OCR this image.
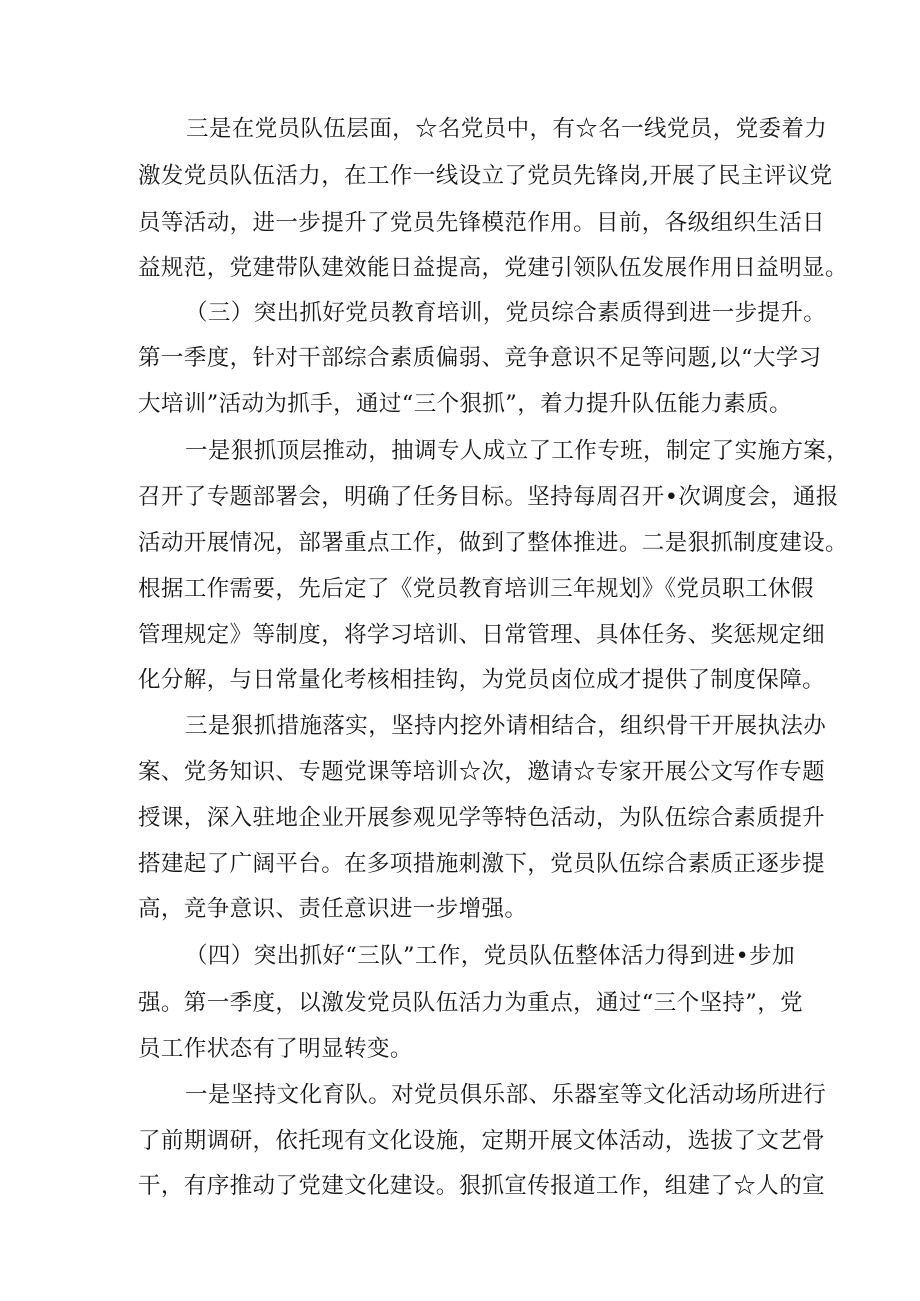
三是在党员队伍层面，☆名党员中，有☆名一线党员，党委着力
激发党员队伍活力，在工作一线设立了党员先锋岗,开展了民主评议党
员等活动，进一步提升了党员先锋模范作用。目前，各级组织生活日
益规范，党建带队建效能日益提高，党建引领队伍发展作用日益明显。
（三）突出抓好党员教育培训，党员综合素质得到进一步提升。
第一季度，针对干部综合素质偏弱、竞争意识不足等问题,以“大学习
大培训”活动为抓手，通过“三个狠抓”，着力提升队伍能力素质。
一是狠抓顶层推动，抽调专人成立了工作专班，制定了实施方案，
召开了专题部署会，明确了任务目标。坚持每周召开•次调度会，通报
活动开展情况，部署重点工作，做到了整体推进。二是狠抓制度建设。
根据工作需要，先后定了《党员教育培训三年规划》《党员职工休假
管理规定》等制度，将学习培训、日常管理、具体任务、奖惩规定细
化分解，与日常量化考核相挂钩，为党员卤位成才提供了制度保障。
三是狠抓措施落实，坚持内挖外请相结合，组织骨干开展执法办
案、党务知识、专题党课等培训☆次，邀请☆专家开展公文写作专题
授课，深入驻地企业开展参观见学等特色活动，为队伍综合素质提升
搭建起了广阔平台。在多项措施刺激下，党员队伍综合素质正逐步提
高，竞争意识、责任意识进一步增强。
（四）突出抓好“三队”工作，党员队伍整体活力得到进•步加
强。第一季度，以激发党员队伍活力为重点，通过“三个坚持”，党
员工作状态有了明显转变。
一是坚持文化育队。对党员俱乐部、乐器室等文化活动场所进行
了前期调研，依托现有文化设施，定期开展文体活动，选拔了文艺骨
干，有序推动了党建文化建设。狠抓宣传报道工作，组建了☆人的宣
